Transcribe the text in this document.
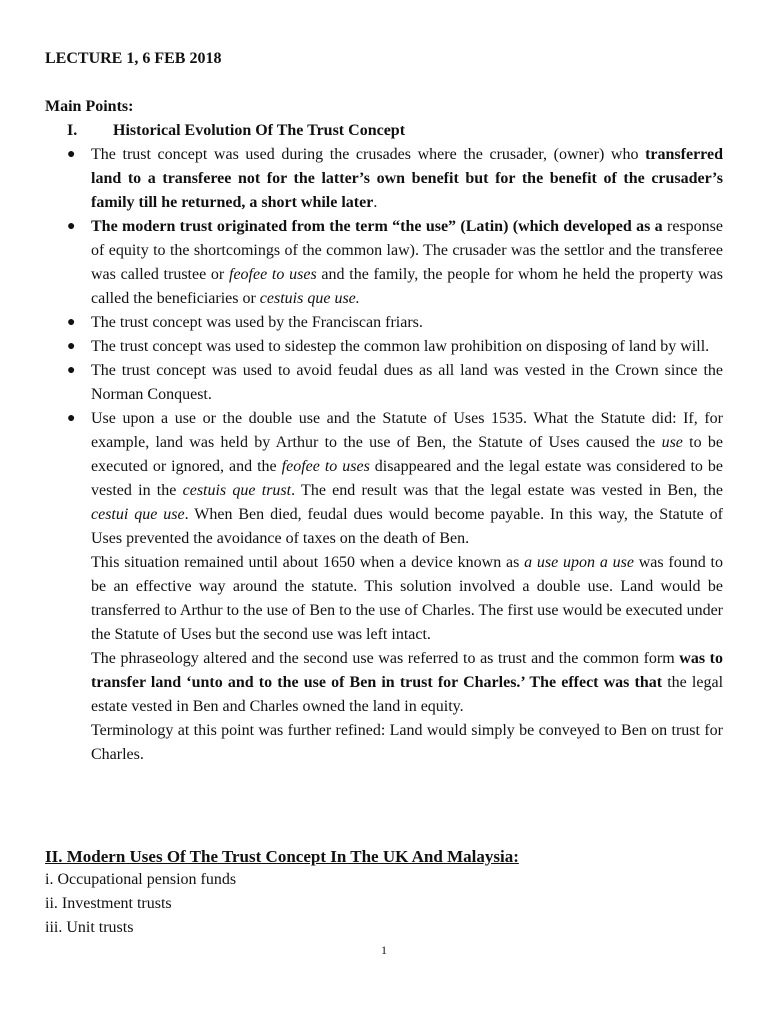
LECTURE 1, 6 FEB 2018
Main Points:
I. Historical Evolution Of The Trust Concept
● The trust concept was used during the crusades where the crusader, (owner) who transferred land to a transferee not for the latter’s own benefit but for the benefit of the crusader’s family till he returned, a short while later.
● The modern trust originated from the term “the use” (Latin) (which developed as a response of equity to the shortcomings of the common law). The crusader was the settlor and the transferee was called trustee or feofee to uses and the family, the people for whom he held the property was called the beneficiaries or cestuis que use.
● The trust concept was used by the Franciscan friars.
● The trust concept was used to sidestep the common law prohibition on disposing of land by will.
● The trust concept was used to avoid feudal dues as all land was vested in the Crown since the Norman Conquest.
● Use upon a use or the double use and the Statute of Uses 1535. What the Statute did: If, for example, land was held by Arthur to the use of Ben, the Statute of Uses caused the use to be executed or ignored, and the feofee to uses disappeared and the legal estate was considered to be vested in the cestuis que trust. The end result was that the legal estate was vested in Ben, the cestui que use. When Ben died, feudal dues would become payable. In this way, the Statute of Uses prevented the avoidance of taxes on the death of Ben.
This situation remained until about 1650 when a device known as a use upon a use was found to be an effective way around the statute. This solution involved a double use. Land would be transferred to Arthur to the use of Ben to the use of Charles. The first use would be executed under the Statute of Uses but the second use was left intact.
The phraseology altered and the second use was referred to as trust and the common form was to transfer land ‘unto and to the use of Ben in trust for Charles.’ The effect was that the legal estate vested in Ben and Charles owned the land in equity.
Terminology at this point was further refined: Land would simply be conveyed to Ben on trust for Charles.
II. Modern Uses Of The Trust Concept In The UK And Malaysia:
i. Occupational pension funds
ii. Investment trusts
iii. Unit trusts
1
